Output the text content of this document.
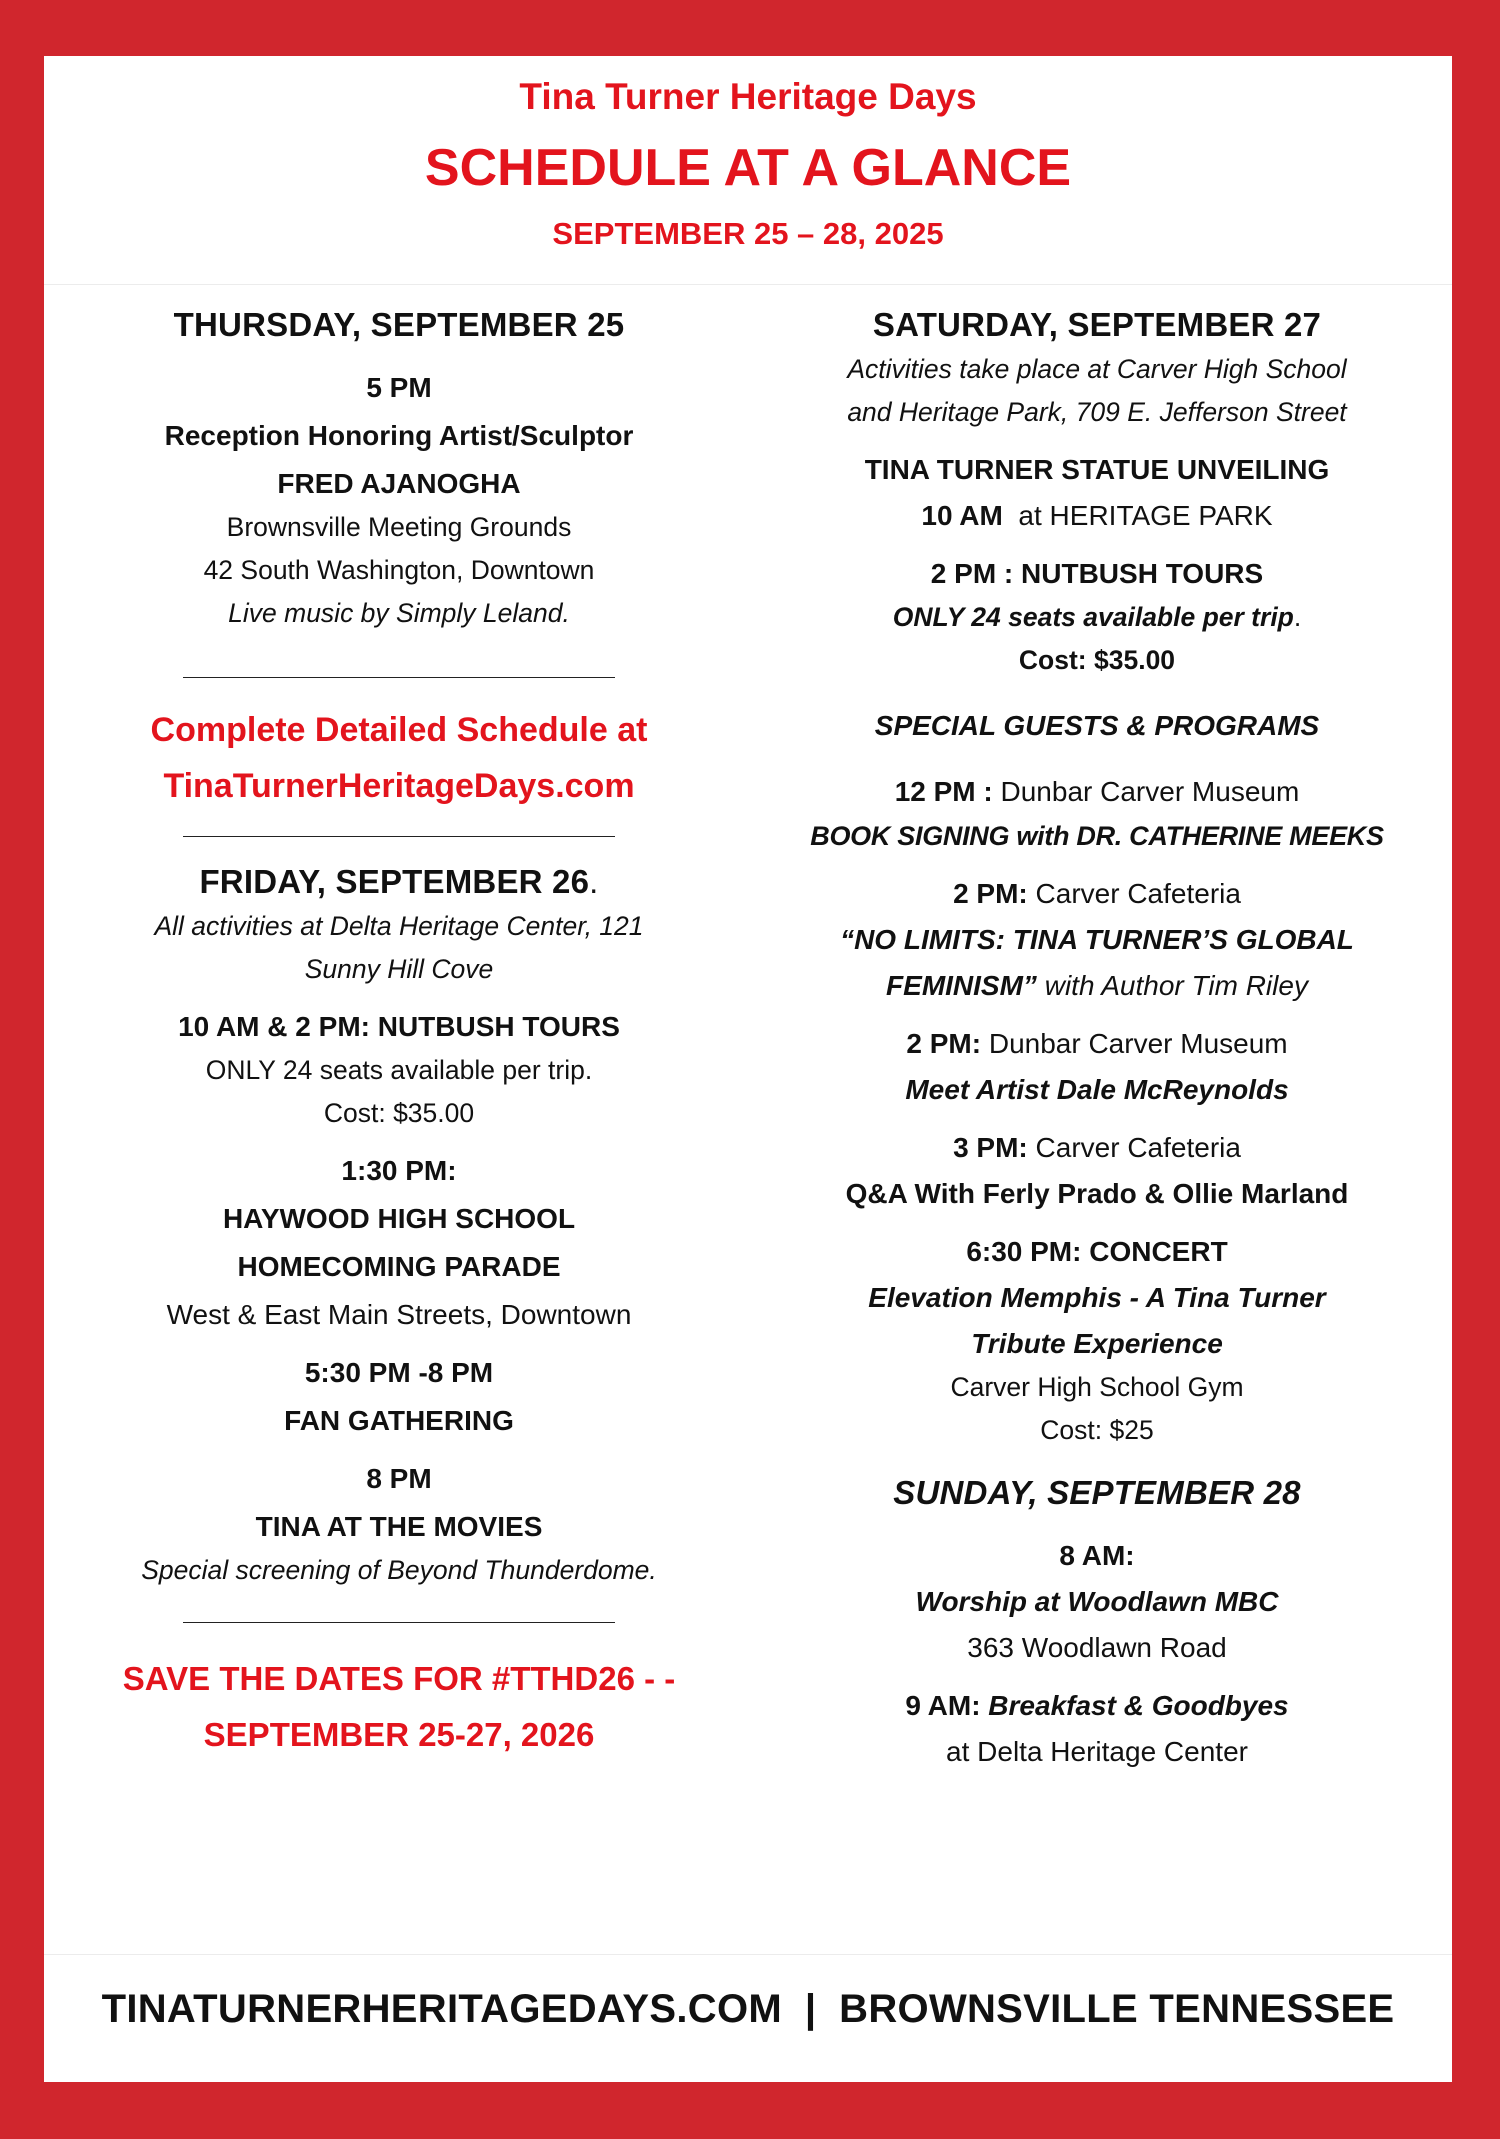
Tina Turner Heritage Days
SCHEDULE AT A GLANCE
SEPTEMBER 25 – 28, 2025
THURSDAY, SEPTEMBER 25
5 PM
Reception Honoring Artist/Sculptor
FRED AJANOGHA
Brownsville Meeting Grounds
42 South Washington, Downtown
Live music by Simply Leland.
Complete Detailed Schedule at
TinaTurnerHeritageDays.com
FRIDAY, SEPTEMBER 26.
All activities at Delta Heritage Center, 121
Sunny Hill Cove
10 AM & 2 PM: NUTBUSH TOURS
ONLY 24 seats available per trip.
Cost: $35.00
1:30 PM:
HAYWOOD HIGH SCHOOL
HOMECOMING PARADE
West & East Main Streets, Downtown
5:30 PM -8 PM
FAN GATHERING
8 PM
TINA AT THE MOVIES
Special screening of Beyond Thunderdome.
SAVE THE DATES FOR #TTHD26 - -
SEPTEMBER 25-27, 2026
SATURDAY, SEPTEMBER 27
Activities take place at Carver High School
and Heritage Park, 709 E. Jefferson Street
TINA TURNER STATUE UNVEILING
10 AM at HERITAGE PARK
2 PM : NUTBUSH TOURS
ONLY 24 seats available per trip.
Cost: $35.00
SPECIAL GUESTS & PROGRAMS
12 PM : Dunbar Carver Museum
BOOK SIGNING with DR. CATHERINE MEEKS
2 PM: Carver Cafeteria
“NO LIMITS: TINA TURNER’S GLOBAL
FEMINISM” with Author Tim Riley
2 PM: Dunbar Carver Museum
Meet Artist Dale McReynolds
3 PM: Carver Cafeteria
Q&A With Ferly Prado & Ollie Marland
6:30 PM: CONCERT
Elevation Memphis - A Tina Turner
Tribute Experience
Carver High School Gym
Cost: $25
SUNDAY, SEPTEMBER 28
8 AM:
Worship at Woodlawn MBC
363 Woodlawn Road
9 AM: Breakfast & Goodbyes
at Delta Heritage Center
TINATURNERHERITAGEDAYS.COM  |  BROWNSVILLE TENNESSEE
